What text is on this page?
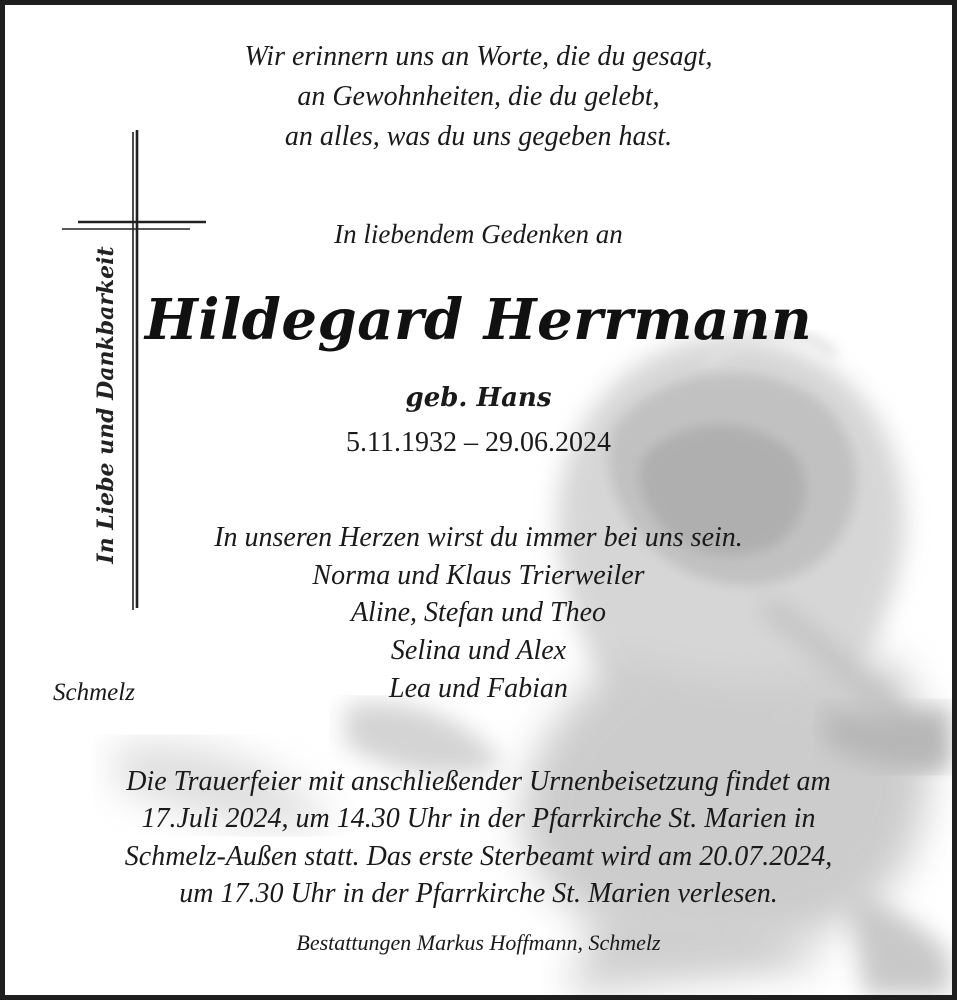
In Liebe und Dankbarkeit
Wir erinnern uns an Worte, die du gesagt,
an Gewohnheiten, die du gelebt,
an alles, was du uns gegeben hast.
In liebendem Gedenken an
Hildegard Herrmann
geb. Hans
5.11.1932 – 29.06.2024
In unseren Herzen wirst du immer bei uns sein.
Norma und Klaus Trierweiler
Aline, Stefan und Theo
Selina und Alex
Lea und Fabian
Schmelz
Die Trauerfeier mit anschließender Urnenbeisetzung findet am
17.Juli 2024, um 14.30 Uhr in der Pfarrkirche St. Marien in
Schmelz-Außen statt. Das erste Sterbeamt wird am 20.07.2024,
um 17.30 Uhr in der Pfarrkirche St. Marien verlesen.
Bestattungen Markus Hoffmann, Schmelz
